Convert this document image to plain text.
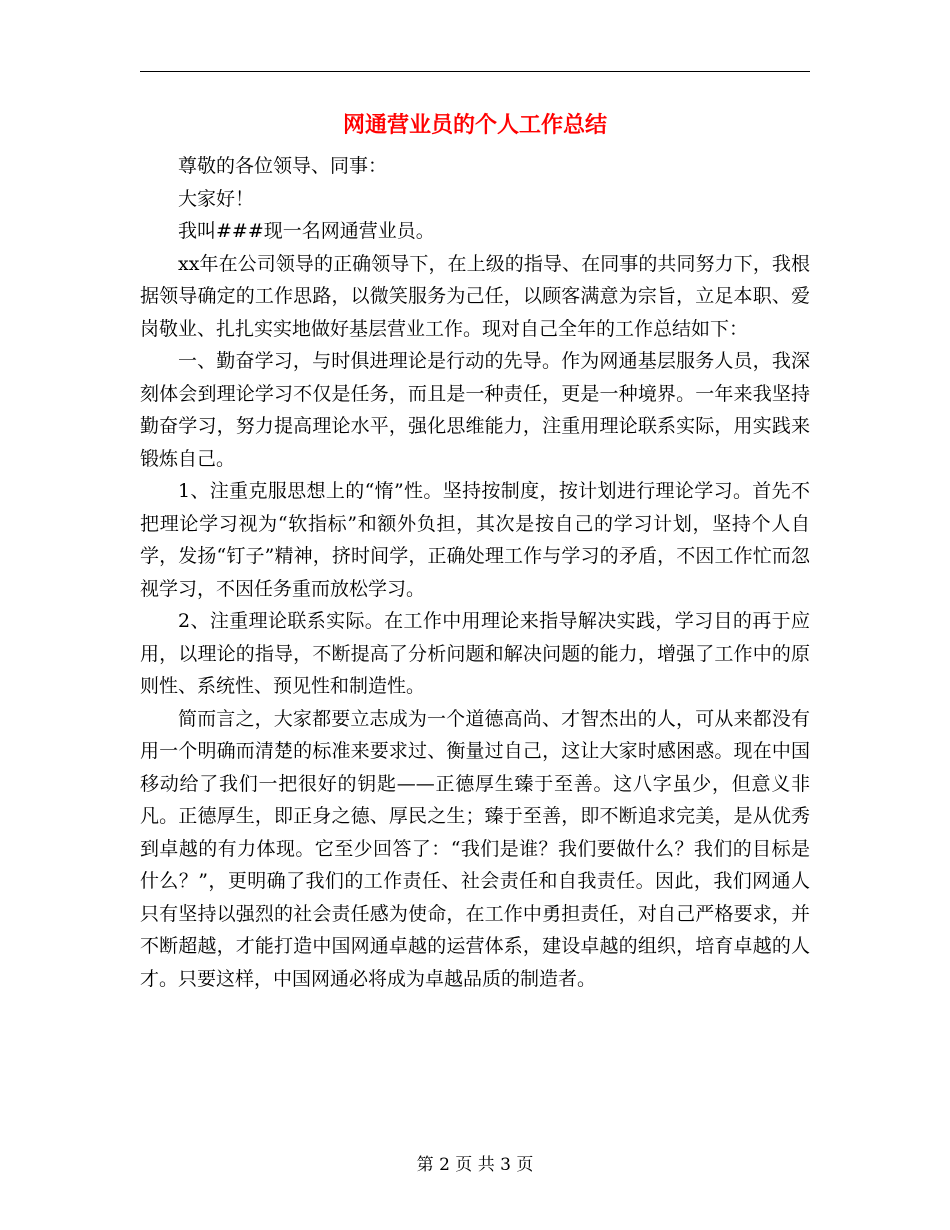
网通营业员的个人工作总结

尊敬的各位领导、同事：

大家好！

我叫###现一名网通营业员。

xx年在公司领导的正确领导下，在上级的指导、在同事的共同努力下，我根据领导确定的工作思路，以微笑服务为己任，以顾客满意为宗旨，立足本职、爱岗敬业、扎扎实实地做好基层营业工作。现对自己全年的工作总结如下：

一、勤奋学习，与时俱进理论是行动的先导。作为网通基层服务人员，我深刻体会到理论学习不仅是任务，而且是一种责任，更是一种境界。一年来我坚持勤奋学习，努力提高理论水平，强化思维能力，注重用理论联系实际，用实践来锻炼自己。

1、注重克服思想上的“惰”性。坚持按制度，按计划进行理论学习。首先不把理论学习视为“软指标”和额外负担，其次是按自己的学习计划，坚持个人自学，发扬“钉子”精神，挤时间学，正确处理工作与学习的矛盾，不因工作忙而忽视学习，不因任务重而放松学习。

2、注重理论联系实际。在工作中用理论来指导解决实践，学习目的再于应用，以理论的指导，不断提高了分析问题和解决问题的能力，增强了工作中的原则性、系统性、预见性和制造性。

简而言之，大家都要立志成为一个道德高尚、才智杰出的人，可从来都没有用一个明确而清楚的标准来要求过、衡量过自己，这让大家时感困惑。现在中国移动给了我们一把很好的钥匙——正德厚生臻于至善。这八字虽少，但意义非凡。正德厚生，即正身之德、厚民之生；臻于至善，即不断追求完美，是从优秀到卓越的有力体现。它至少回答了：“我们是谁？我们要做什么？我们的目标是什么？”，更明确了我们的工作责任、社会责任和自我责任。因此，我们网通人只有坚持以强烈的社会责任感为使命，在工作中勇担责任，对自己严格要求，并不断超越，才能打造中国网通卓越的运营体系，建设卓越的组织，培育卓越的人才。只要这样，中国网通必将成为卓越品质的制造者。

第 2 页 共 3 页
